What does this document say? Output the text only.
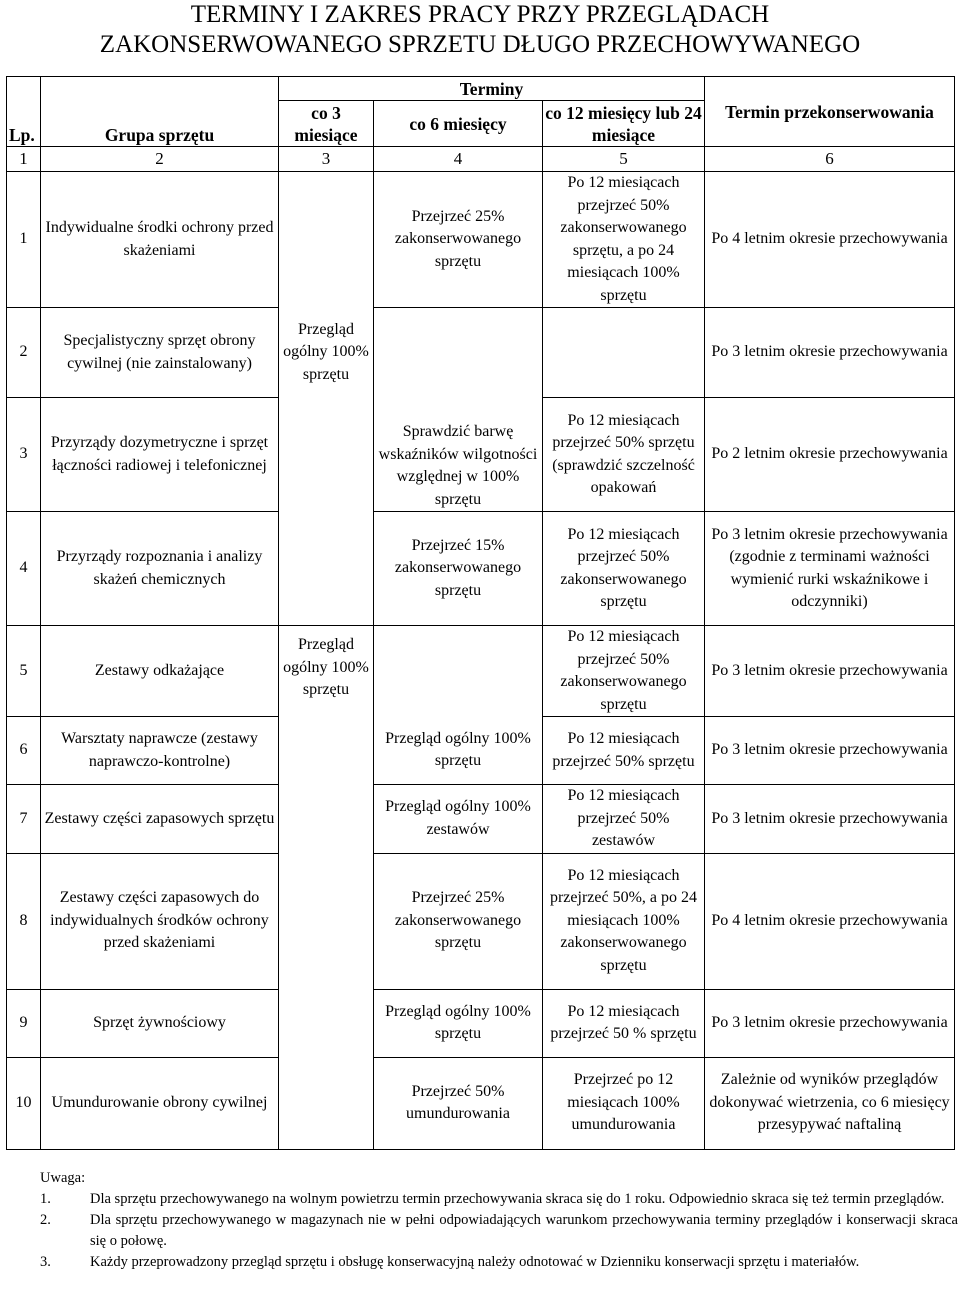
TERMINY I ZAKRES PRACY PRZY PRZEGLĄDACH
ZAKONSERWOWANEGO SPRZETU DŁUGO PRZECHOWYWANEGO
Lp.	Grupa sprzętu	Terminy			Termin przekonserwowania
		co 3 miesiące	co 6 miesięcy	co 12 miesięcy lub 24 miesiące	
1	2	3	4	5	6
1	Indywidualne środki ochrony przed skażeniami		Przejrzeć 25% zakonserwowanego sprzętu	Po 12 miesiącach przejrzeć 50% zakonserwowanego sprzętu, a po 24 miesiącach 100% sprzętu	Po 4 letnim okresie przechowywania
2	Specjalistyczny sprzęt obrony cywilnej (nie zainstalowany)	Przegląd ogólny 100% sprzętu	Sprawdzić barwę wskaźników wilgotności względnej w 100% sprzętu		Po 3 letnim okresie przechowywania
3	Przyrządy dozymetryczne i sprzęt łączności radiowej i telefonicznej			Po 12 miesiącach przejrzeć 50% sprzętu (sprawdzić szczelność opakowań	Po 2 letnim okresie przechowywania
4	Przyrządy rozpoznania i analizy skażeń chemicznych		Przejrzeć 15% zakonserwowanego sprzętu	Po 12 miesiącach przejrzeć 50% zakonserwowanego sprzętu	Po 3 letnim okresie przechowywania (zgodnie z terminami ważności wymienić rurki wskaźnikowe i odczynniki)
5	Zestawy odkażające	Przegląd ogólny 100% sprzętu		Po 12 miesiącach przejrzeć 50% zakonserwowanego sprzętu	Po 3 letnim okresie przechowywania
6	Warsztaty naprawcze (zestawy naprawczo-kontrolne)		Przegląd ogólny 100% sprzętu	Po 12 miesiącach przejrzeć 50% sprzętu	Po 3 letnim okresie przechowywania
7	Zestawy części zapasowych sprzętu		Przegląd ogólny 100% zestawów	Po 12 miesiącach przejrzeć 50% zestawów	Po 3 letnim okresie przechowywania
8	Zestawy części zapasowych do indywidualnych środków ochrony przed skażeniami		Przejrzeć 25% zakonserwowanego sprzętu	Po 12 miesiącach przejrzeć 50%, a po 24 miesiącach 100% zakonserwowanego sprzętu	Po 4 letnim okresie przechowywania
9	Sprzęt żywnościowy		Przegląd ogólny 100% sprzętu	Po 12 miesiącach przejrzeć 50 % sprzętu	Po 3 letnim okresie przechowywania
10	Umundurowanie obrony cywilnej		Przejrzeć 50% umundurowania	Przejrzeć po 12 miesiącach 100% umundurowania	Zależnie od wyników przeglądów dokonywać wietrzenia, co 6 miesięcy przesypywać naftaliną
Uwaga:
1.	Dla sprzętu przechowywanego na wolnym powietrzu termin przechowywania skraca się do 1 roku. Odpowiednio skraca się też termin przeglądów.
2.	Dla sprzętu przechowywanego w magazynach nie w pełni odpowiadających warunkom przechowywania terminy przeglądów i konserwacji skraca się o połowę.
3.	Każdy przeprowadzony przegląd sprzętu i obsługę konserwacyjną należy odnotować w Dzienniku konserwacji sprzętu i materiałów.
